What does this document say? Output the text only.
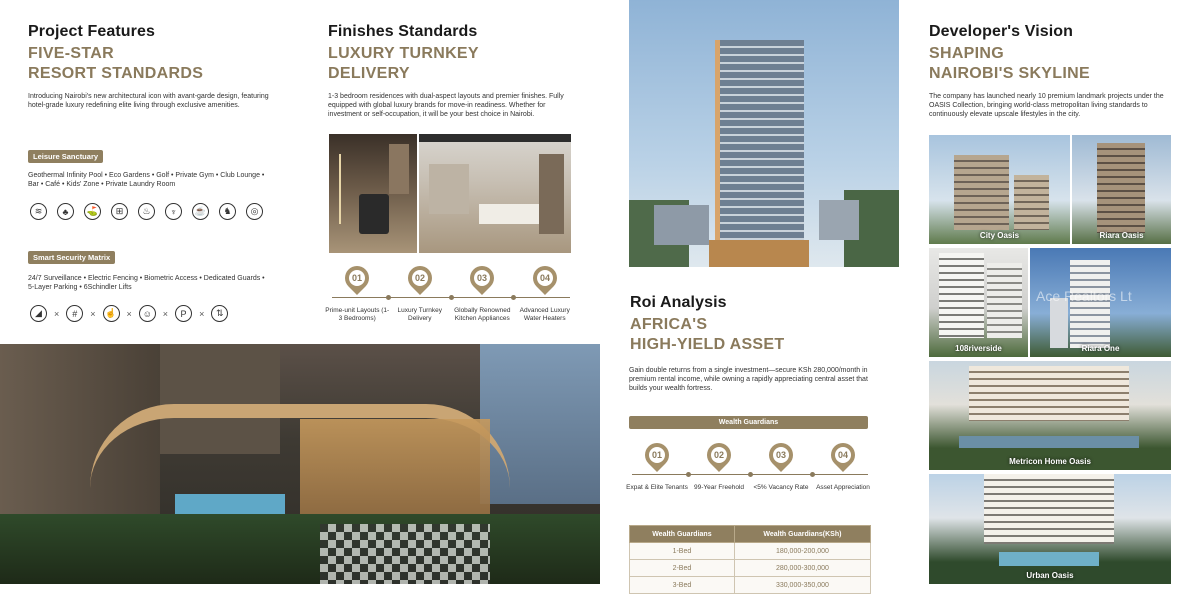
Project Features
FIVE-STAR
RESORT STANDARDS
Introducing Nairobi's new architectural icon with avant-garde design, featuring hotel-grade luxury redefining elite living through exclusive amenities.
Leisure Sanctuary
Geothermal Infinity Pool • Eco Gardens • Golf • Private Gym • Club Lounge • Bar • Café • Kids' Zone • Private Laundry Room
≋	♣	⛳	⊞	♨	♆	☕	♞	◎
Smart Security Matrix
24/7 Surveillance • Electric Fencing • Biometric Access • Dedicated Guards • 5-Layer Parking • 6Schindler Lifts
◢	×	#	×	☝	×	☺	×	P	×	⇅
Finishes Standards
LUXURY TURNKEY
DELIVERY
1-3 bedroom residences with dual-aspect layouts and premier finishes. Fully equipped with global luxury brands for move-in readiness. Whether for investment or self-occupation, it will be your best choice in Nairobi.
01
Prime-unit Layouts (1-3 Bedrooms)
02
Luxury Turnkey Delivery
03
Globally Renowned Kitchen Appliances
04
Advanced Luxury Water Heaters
Roi Analysis
AFRICA'S
HIGH-YIELD ASSET
Gain double returns from a single investment—secure KSh 280,000/month in premium rental income, while owning a rapidly appreciating central asset that builds your wealth fortress.
Wealth Guardians
01
Expat & Elite Tenants
02
99-Year Freehold
03
<5% Vacancy Rate
04
Asset Appreciation
Wealth Guardians	Wealth Guardians(KSh)
1-Bed	180,000-200,000
2-Bed	280,000-300,000
3-Bed	330,000-350,000
Developer's Vision
SHAPING
NAIROBI'S SKYLINE
The company has launched nearly 10 premium landmark projects under the OASIS Collection, bringing world-class metropolitan living standards to continuously elevate upscale lifestyles in the city.
City Oasis	Riara Oasis
108riverside
Ace Realtors Lt
Riara One
Metricon Home Oasis
Urban Oasis
